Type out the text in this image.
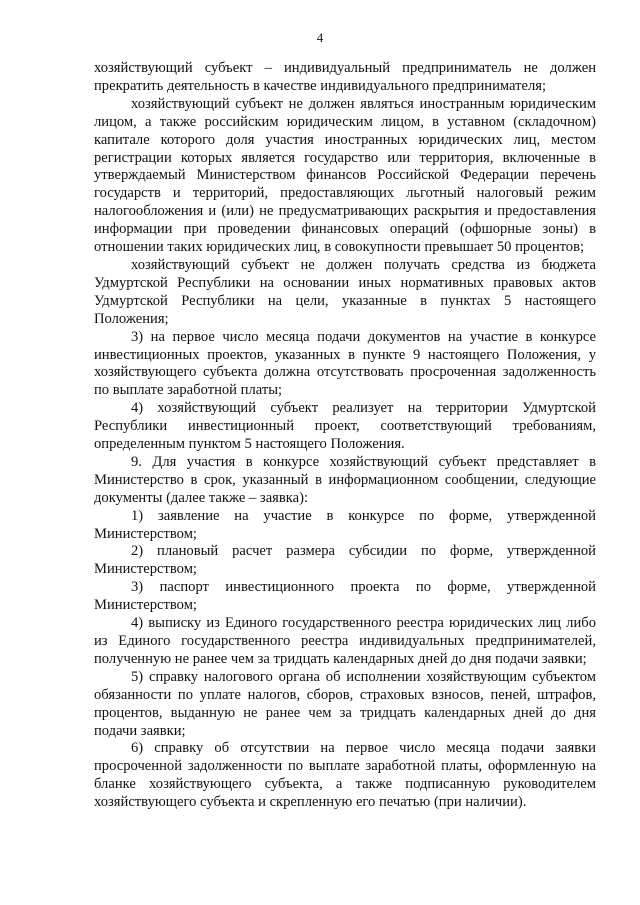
4

хозяйствующий субъект – индивидуальный предприниматель не должен прекратить деятельность в качестве индивидуального предпринимателя;

хозяйствующий субъект не должен являться иностранным юридическим лицом, а также российским юридическим лицом, в уставном (складочном) капитале которого доля участия иностранных юридических лиц, местом регистрации которых является государство или территория, включенные в утверждаемый Министерством финансов Российской Федерации перечень государств и территорий, предоставляющих льготный налоговый режим налогообложения и (или) не предусматривающих раскрытия и предоставления информации при проведении финансовых операций (офшорные зоны) в отношении таких юридических лиц, в совокупности превышает 50 процентов;

хозяйствующий субъект не должен получать средства из бюджета Удмуртской Республики на основании иных нормативных правовых актов Удмуртской Республики на цели, указанные в пунктах 5 настоящего Положения;

3) на первое число месяца подачи документов на участие в конкурсе инвестиционных проектов, указанных в пункте 9 настоящего Положения, у хозяйствующего субъекта должна отсутствовать просроченная задолженность по выплате заработной платы;

4) хозяйствующий субъект реализует на территории Удмуртской Республики инвестиционный проект, соответствующий требованиям, определенным пунктом 5 настоящего Положения.

9. Для участия в конкурсе хозяйствующий субъект представляет в Министерство в срок, указанный в информационном сообщении, следующие документы (далее также – заявка):

1) заявление на участие в конкурсе по форме, утвержденной Министерством;

2) плановый расчет размера субсидии по форме, утвержденной Министерством;

3) паспорт инвестиционного проекта по форме, утвержденной Министерством;

4) выписку из Единого государственного реестра юридических лиц либо из Единого государственного реестра индивидуальных предпринимателей, полученную не ранее чем за тридцать календарных дней до дня подачи заявки;

5) справку налогового органа об исполнении хозяйствующим субъектом обязанности по уплате налогов, сборов, страховых взносов, пеней, штрафов, процентов, выданную не ранее чем за тридцать календарных дней до дня подачи заявки;

6) справку об отсутствии на первое число месяца подачи заявки просроченной задолженности по выплате заработной платы, оформленную на бланке хозяйствующего субъекта, а также подписанную руководителем хозяйствующего субъекта и скрепленную его печатью (при наличии).
